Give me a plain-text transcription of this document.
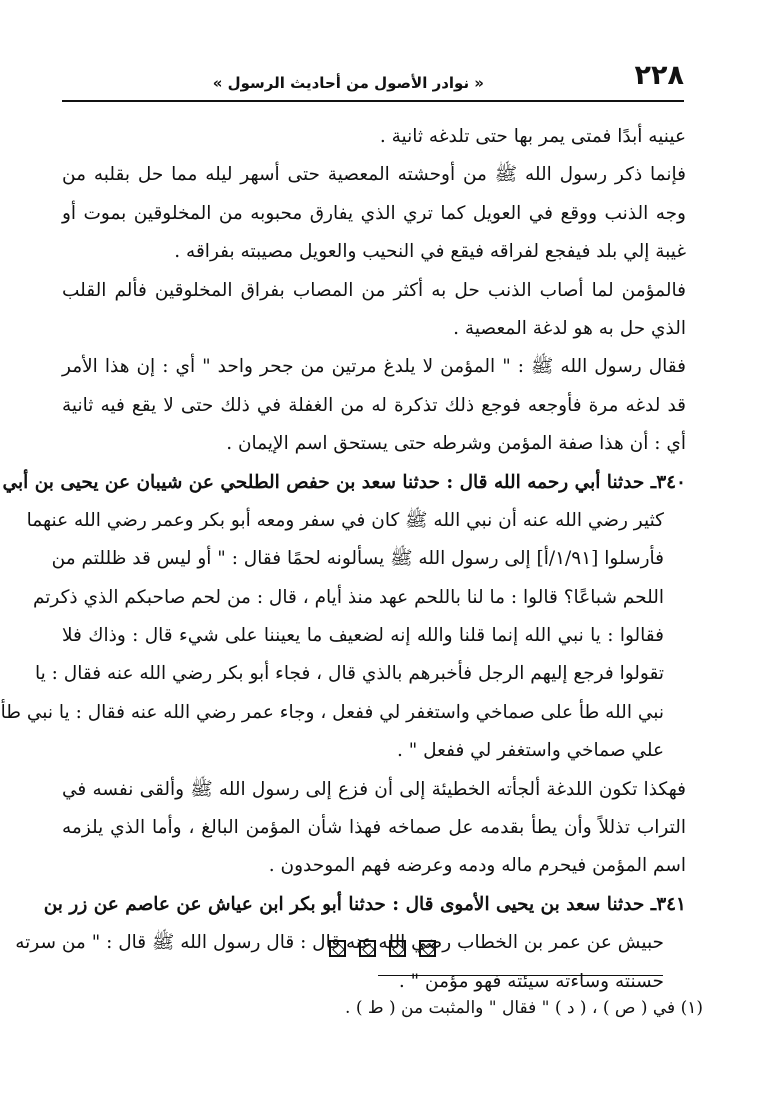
٢٢٨
« نوادر الأصول من أحاديث الرسول »
عينيه أبدًا فمتى يمر بها حتى تلدغه ثانية .
فإنما ذكر رسول الله ﷺ من أوحشته المعصية حتى أسهر ليله مما حل بقلبه من
وجه الذنب ووقع في العويل كما تري الذي يفارق محبوبه من المخلوقين بموت أو
غيبة إلي بلد فيفجع لفراقه فيقع في النحيب والعويل مصيبته بفراقه .
فالمؤمن لما أصاب الذنب حل به أكثر من المصاب بفراق المخلوقين فألم القلب
الذي حل به هو لدغة المعصية .
فقال رسول الله ﷺ : " المؤمن لا يلدغ مرتين من جحر واحد " أي : إن هذا الأمر
قد لدغه مرة فأوجعه فوجع ذلك تذكرة له من الغفلة في ذلك حتى لا يقع فيه ثانية
أي : أن هذا صفة المؤمن وشرطه حتى يستحق اسم الإيمان .
٣٤٠ـ حدثنا أبي رحمه الله قال : حدثنا سعد بن حفص الطلحي عن شيبان عن يحيى بن أبي
كثير رضي الله عنه أن نبي الله ﷺ كان في سفر ومعه أبو بكر وعمر رضي الله عنهما
فأرسلوا [١/٩١/أ] إلى رسول الله ﷺ يسألونه لحمًا فقال : " أو ليس قد ظللتم من
اللحم شباعًا؟ قالوا : ما لنا باللحم عهد منذ أيام ، قال : من لحم صاحبكم الذي ذكرتم
فقالوا : يا نبي الله إنما قلنا والله إنه لضعيف ما يعيننا على شيء قال : وذاك فلا
تقولوا فرجع إليهم الرجل فأخبرهم بالذي قال ، فجاء أبو بكر رضي الله عنه فقال : يا
نبي الله طأ على صماخي واستغفر لي ففعل ، وجاء عمر رضي الله عنه فقال : يا نبي طأ
علي صماخي واستغفر لي ففعل " .
فهكذا تكون اللدغة ألجأته الخطيئة إلى أن فزع إلى رسول الله ﷺ وألقى نفسه في
التراب تذللاً وأن يطأ بقدمه عل صماخه فهذا شأن المؤمن البالغ ، وأما الذي يلزمه
اسم المؤمن فيحرم ماله ودمه وعرضه فهم الموحدون .
٣٤١ـ حدثنا سعد بن يحيى الأموى قال : حدثنا أبو بكر ابن عياش عن عاصم عن زر بن
حبيش عن عمر بن الخطاب رضي الله عنه قال : قال رسول الله ﷺ قال : " من سرته
حسنته وساءته سيئته فهو مؤمن " .

(١) في ( ص ) ، ( د ) " فقال " والمثبت من ( ط ) .
